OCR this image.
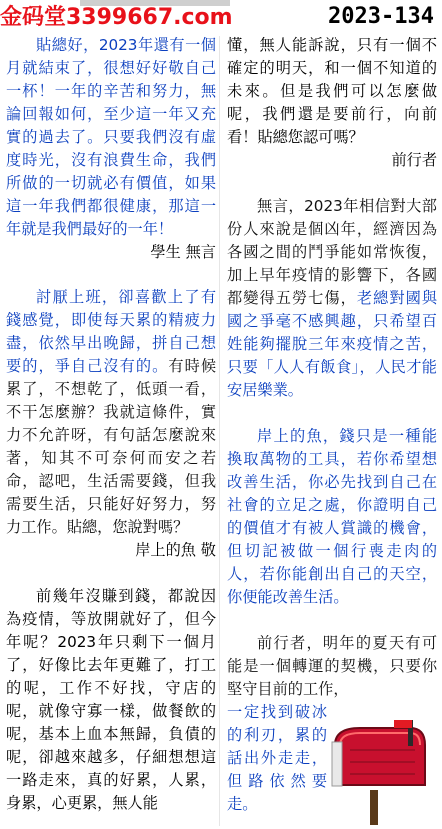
金码堂3399667.com	2023-134

貼總好，2023年還有一個月就結束了，很想好好敬自己一杯！一年的辛苦和努力，無論回報如何，至少這一年又充實的過去了。只要我們沒有虛度時光，沒有浪費生命，我們所做的一切就必有價值，如果這一年我們都很健康，那這一年就是我們最好的一年！

學生 無言

討厭上班，卻喜歡上了有錢感覺，即使每天累的精疲力盡，依然早出晚歸，拼自己想要的，爭自己沒有的。有時候累了，不想乾了，低頭一看，不干怎麼辦？我就這條件，實力不允許呀，有句話怎麼說來著，知其不可奈何而安之若命，認吧，生活需要錢，但我需要生活，只能好好努力，努力工作。貼總，您說對嗎？

岸上的魚 敬

前幾年沒賺到錢，都說因為疫情，等放開就好了，但今年呢？2023年只剩下一個月了，好像比去年更難了，打工的呢，工作不好找，守店的呢，就像守寡一樣，做餐飲的呢，基本上血本無歸，負債的呢，卻越來越多，仔細想想這一路走來，真的好累，人累，身累，心更累，無人能

懂，無人能訴說，只有一個不確定的明天，和一個不知道的未來。但是我們可以怎麼做呢，我們還是要前行，向前看！貼總您認可嗎？

前行者

無言，2023年相信對大部份人來說是個凶年，經濟因為各國之間的鬥爭能如常恢復，加上早年疫情的影響下，各國都變得五勞七傷，老總對國與國之爭毫不感興趣，只希望百姓能夠擺脫三年來疫情之苦，只要「人人有飯食」，人民才能安居樂業。

岸上的魚，錢只是一種能換取萬物的工具，若你希望想改善生活，你必先找到自己在社會的立足之處，你證明自己的價值才有被人賞識的機會，但切記被做一個行喪走肉的人，若你能創出自己的天空，你便能改善生活。

前行者，明年的夏天有可能是一個轉運的契機，只要你堅守目前的工作，
一定找到破冰的利刃，累的話出外走走，但路依然要走。
